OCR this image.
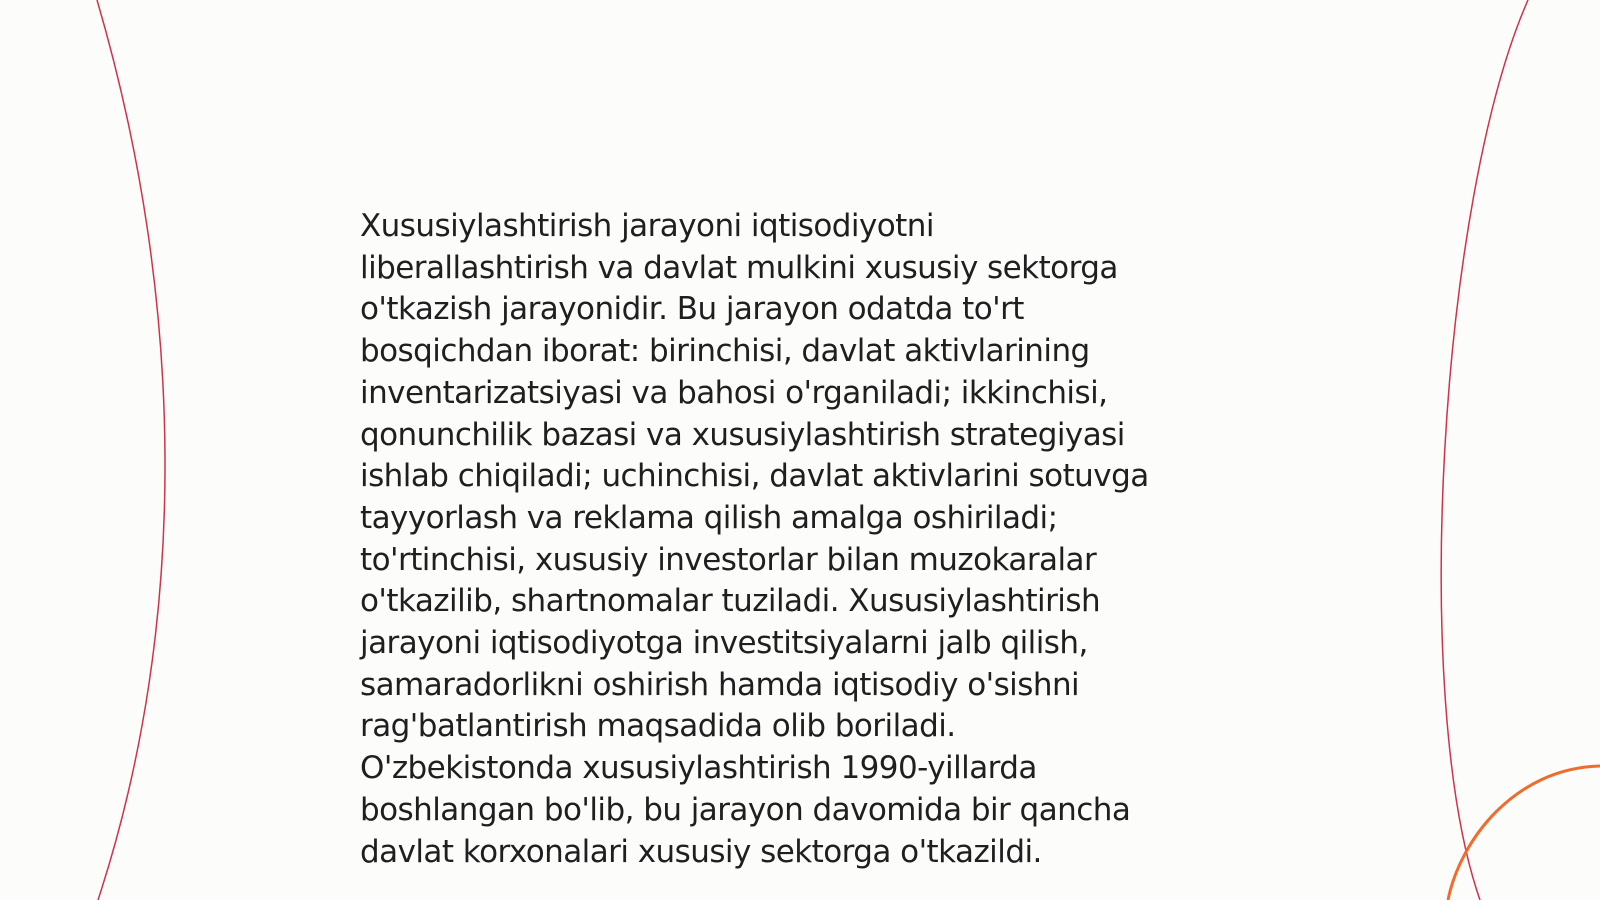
Xususiylashtirish jarayoni iqtisodiyotni
liberallashtirish va davlat mulkini xususiy sektorga
o'tkazish jarayonidir. Bu jarayon odatda to'rt
bosqichdan iborat: birinchisi, davlat aktivlarining
inventarizatsiyasi va bahosi o'rganiladi; ikkinchisi,
qonunchilik bazasi va xususiylashtirish strategiyasi
ishlab chiqiladi; uchinchisi, davlat aktivlarini sotuvga
tayyorlash va reklama qilish amalga oshiriladi;
to'rtinchisi, xususiy investorlar bilan muzokaralar
o'tkazilib, shartnomalar tuziladi. Xususiylashtirish
jarayoni iqtisodiyotga investitsiyalarni jalb qilish,
samaradorlikni oshirish hamda iqtisodiy o'sishni
rag'batlantirish maqsadida olib boriladi.
O'zbekistonda xususiylashtirish 1990-yillarda
boshlangan bo'lib, bu jarayon davomida bir qancha
davlat korxonalari xususiy sektorga o'tkazildi.
